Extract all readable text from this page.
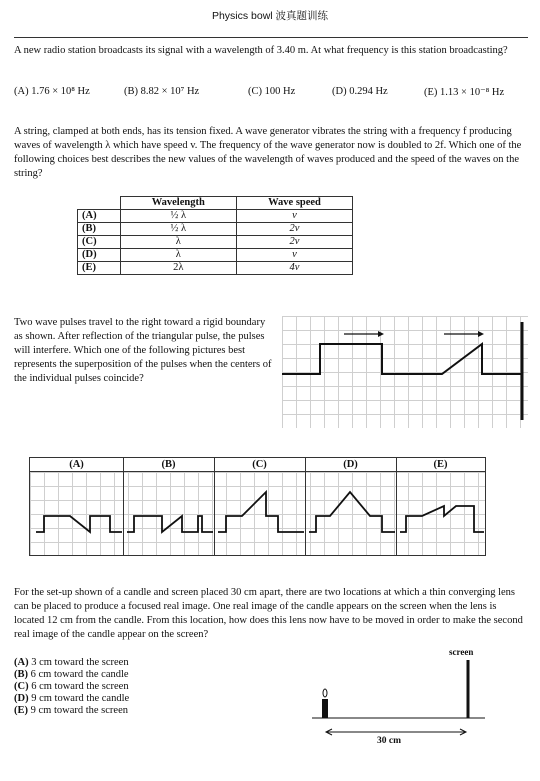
Physics bowl 波真题训练
A new radio station broadcasts its signal with a wavelength of 3.40 m. At what frequency is this station broadcasting?
(A) 1.76 × 10⁸ Hz	(B) 8.82 × 10⁷ Hz	(C) 100 Hz	(D) 0.294 Hz	(E) 1.13 × 10⁻⁸ Hz
A string, clamped at both ends, has its tension fixed. A wave generator vibrates the string with a frequency f producing waves of wavelength λ which have speed v. The frequency of the wave generator now is doubled to 2f. Which one of the following choices best describes the new values of the wavelength of waves produced and the speed of the waves on the string?
	Wavelength	Wave speed
(A)	½ λ	v
(B)	½ λ	2v
(C)	λ	2v
(D)	λ	v
(E)	2λ	4v
Two wave pulses travel to the right toward a rigid boundary as shown. After reflection of the triangular pulse, the pulses will interfere. Which one of the following pictures best represents the superposition of the pulses when the centers of the individual pulses coincide?
(A)	(B)	(C)	(D)	(E)
For the set-up shown of a candle and screen placed 30 cm apart, there are two locations at which a thin converging lens can be placed to produce a focused real image. One real image of the candle appears on the screen when the lens is located 12 cm from the candle. From this location, how does this lens now have to be moved in order to make the second real image of the candle appear on the screen?
(A) 3 cm toward the screen
(B) 6 cm toward the candle
(C) 6 cm toward the screen
(D) 9 cm toward the candle
(E) 9 cm toward the screen
screen
30 cm
